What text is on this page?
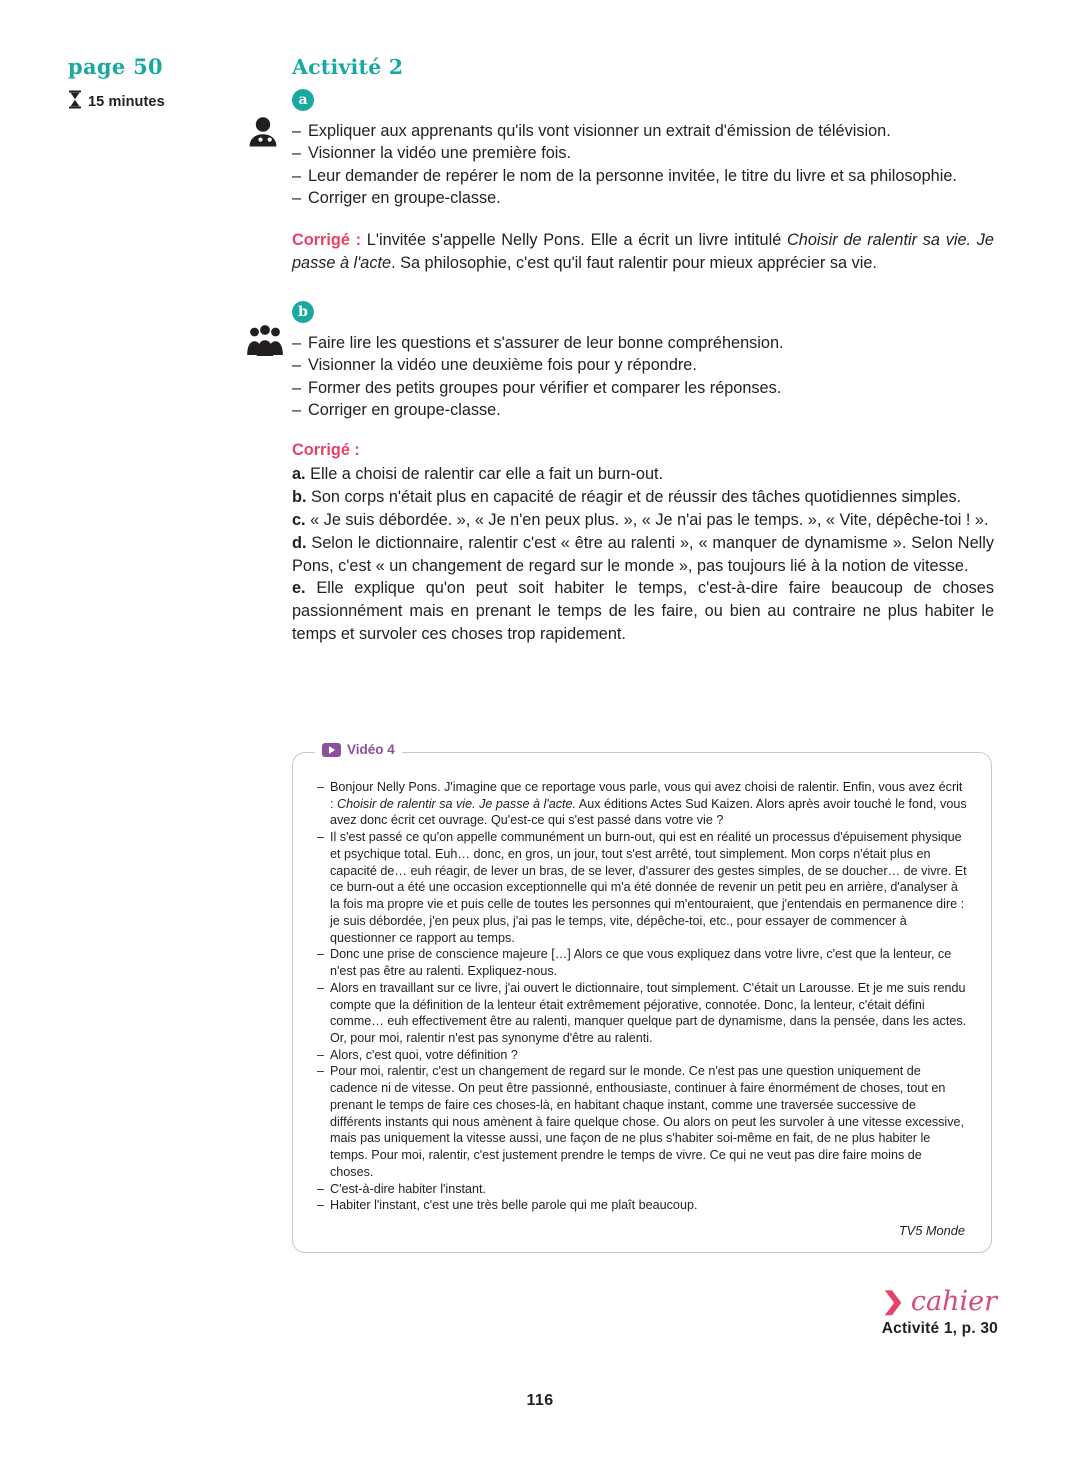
page 50
15 minutes
Activité 2
a
– Expliquer aux apprenants qu'ils vont visionner un extrait d'émission de télévision.
– Visionner la vidéo une première fois.
– Leur demander de repérer le nom de la personne invitée, le titre du livre et sa philosophie.
– Corriger en groupe-classe.
Corrigé : L'invitée s'appelle Nelly Pons. Elle a écrit un livre intitulé Choisir de ralentir sa vie. Je passe à l'acte. Sa philosophie, c'est qu'il faut ralentir pour mieux apprécier sa vie.
b
– Faire lire les questions et s'assurer de leur bonne compréhension.
– Visionner la vidéo une deuxième fois pour y répondre.
– Former des petits groupes pour vérifier et comparer les réponses.
– Corriger en groupe-classe.
Corrigé :

a. Elle a choisi de ralentir car elle a fait un burn-out.

b. Son corps n'était plus en capacité de réagir et de réussir des tâches quotidiennes simples.

c. « Je suis débordée. », « Je n'en peux plus. », « Je n'ai pas le temps. », « Vite, dépêche-toi ! ».

d. Selon le dictionnaire, ralentir c'est « être au ralenti », « manquer de dynamisme ». Selon Nelly Pons, c'est « un changement de regard sur le monde », pas toujours lié à la notion de vitesse.

e. Elle explique qu'on peut soit habiter le temps, c'est-à-dire faire beaucoup de choses passionnément mais en prenant le temps de les faire, ou bien au contraire ne plus habiter le temps et survoler ces choses trop rapidement.

Vidéo 4
– Bonjour Nelly Pons. J'imagine que ce reportage vous parle, vous qui avez choisi de ralentir. Enfin, vous avez écrit : Choisir de ralentir sa vie. Je passe à l'acte. Aux éditions Actes Sud Kaizen. Alors après avoir touché le fond, vous avez donc écrit cet ouvrage. Qu'est-ce qui s'est passé dans votre vie ?
– Il s'est passé ce qu'on appelle communément un burn-out, qui est en réalité un processus d'épuisement physique et psychique total. Euh… donc, en gros, un jour, tout s'est arrêté, tout simplement. Mon corps n'était plus en capacité de… euh réagir, de lever un bras, de se lever, d'assurer des gestes simples, de se doucher… de vivre. Et ce burn-out a été une occasion exceptionnelle qui m'a été donnée de revenir un petit peu en arrière, d'analyser à la fois ma propre vie et puis celle de toutes les personnes qui m'entouraient, que j'entendais en permanence dire : je suis débordée, j'en peux plus, j'ai pas le temps, vite, dépêche-toi, etc., pour essayer de commencer à questionner ce rapport au temps.
– Donc une prise de conscience majeure […] Alors ce que vous expliquez dans votre livre, c'est que la lenteur, ce n'est pas être au ralenti. Expliquez-nous.
– Alors en travaillant sur ce livre, j'ai ouvert le dictionnaire, tout simplement. C'était un Larousse. Et je me suis rendu compte que la définition de la lenteur était extrêmement péjorative, connotée. Donc, la lenteur, c'était défini comme… euh effectivement être au ralenti, manquer quelque part de dynamisme, dans la pensée, dans les actes. Or, pour moi, ralentir n'est pas synonyme d'être au ralenti.
– Alors, c'est quoi, votre définition ?
– Pour moi, ralentir, c'est un changement de regard sur le monde. Ce n'est pas une question uniquement de cadence ni de vitesse. On peut être passionné, enthousiaste, continuer à faire énormément de choses, tout en prenant le temps de faire ces choses-là, en habitant chaque instant, comme une traversée successive de différents instants qui nous amènent à faire quelque chose. Ou alors on peut les survoler à une vitesse excessive, mais pas uniquement la vitesse aussi, une façon de ne plus s'habiter soi-même en fait, de ne plus habiter le temps. Pour moi, ralentir, c'est justement prendre le temps de vivre. Ce qui ne veut pas dire faire moins de choses.
– C'est-à-dire habiter l'instant.
– Habiter l'instant, c'est une très belle parole qui me plaît beaucoup.
TV5 Monde
❯ cahier
Activité 1, p. 30
116
